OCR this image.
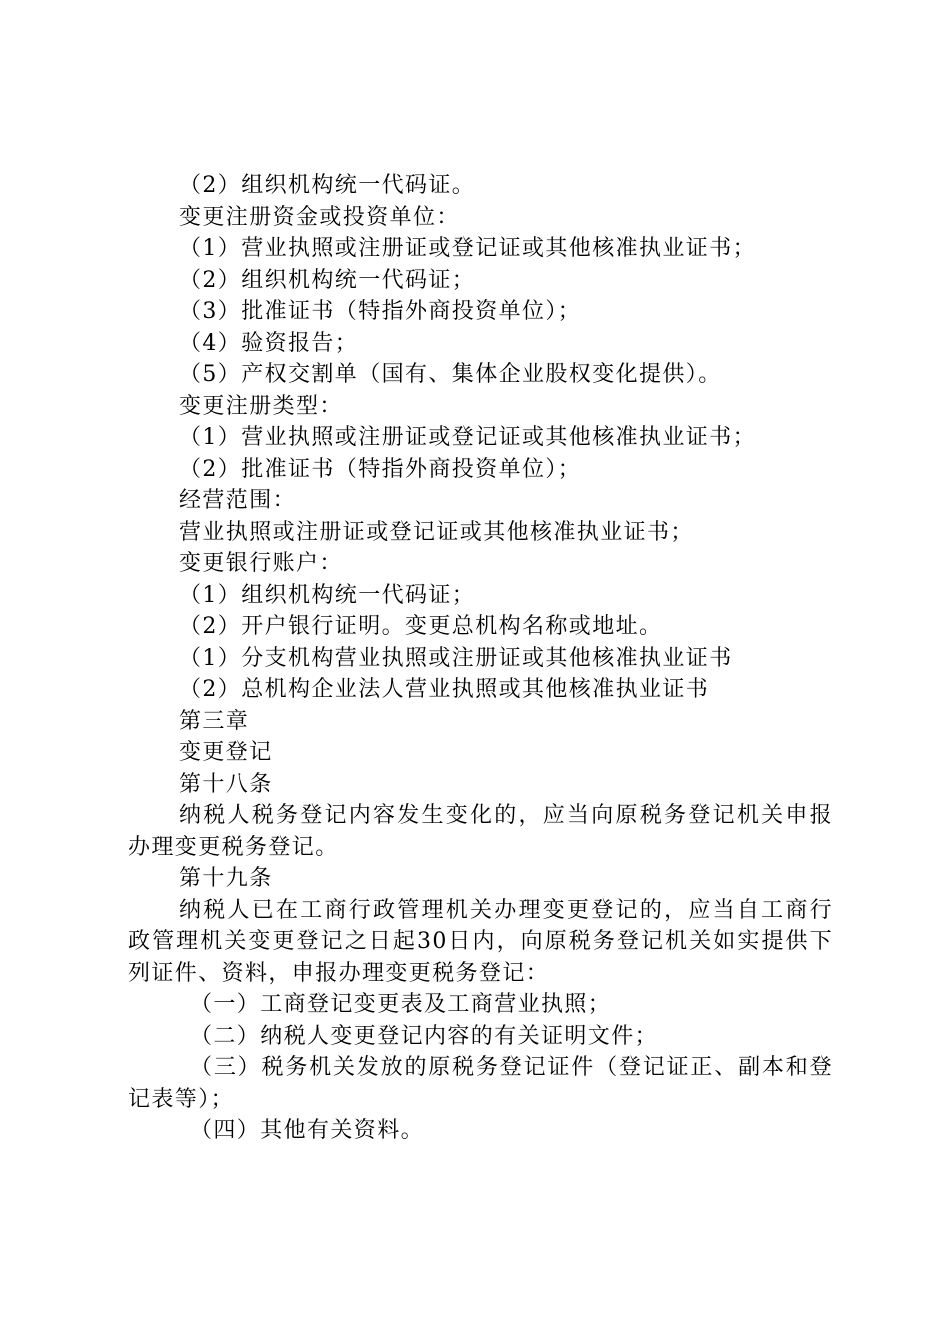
（2）组织机构统一代码证。
变更注册资金或投资单位：
（1）营业执照或注册证或登记证或其他核准执业证书；
（2）组织机构统一代码证；
（3）批准证书（特指外商投资单位）；
（4）验资报告；
（5）产权交割单（国有、集体企业股权变化提供）。
变更注册类型：
（1）营业执照或注册证或登记证或其他核准执业证书；
（2）批准证书（特指外商投资单位）；
经营范围：
营业执照或注册证或登记证或其他核准执业证书；
变更银行账户：
（1）组织机构统一代码证；
（2）开户银行证明。变更总机构名称或地址。
（1）分支机构营业执照或注册证或其他核准执业证书
（2）总机构企业法人营业执照或其他核准执业证书
第三章
变更登记
第十八条

纳税人税务登记内容发生变化的，应当向原税务登记机关申报办理变更税务登记。

第十九条

纳税人已在工商行政管理机关办理变更登记的，应当自工商行政管理机关变更登记之日起30日内，向原税务登记机关如实提供下列证件、资料，申报办理变更税务登记：

（一）工商登记变更表及工商营业执照；
（二）纳税人变更登记内容的有关证明文件；

（三）税务机关发放的原税务登记证件（登记证正、副本和登记表等）；

（四）其他有关资料。
